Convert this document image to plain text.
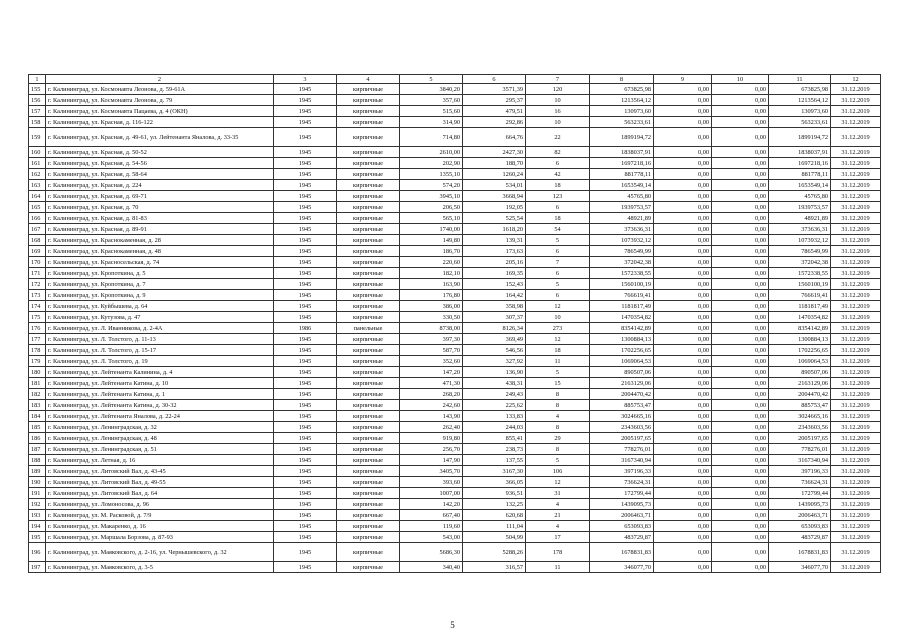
1	2	3	4	5	6	7	8	9	10	11	12
155	г. Калининград, ул. Космонавта Леонова, д. 59-61А	1945	кирпичные	3840,20	3571,39	120	673825,98	0,00	0,00	673825,98	31.12.2019
156	г. Калининград, ул. Космонавта Леонова, д. 79	1945	кирпичные	357,60	295,37	10	1213564,12	0,00	0,00	1213564,12	31.12.2019
157	г. Калининград, ул. Космонавта Пацаева, д. 4 (ОКН)	1945	кирпичные	515,60	479,51	16	130973,60	0,00	0,00	130973,60	31.12.2019
158	г. Калининград, ул. Красная, д. 116-122	1945	кирпичные	314,90	292,86	10	563233,61	0,00	0,00	563233,61	31.12.2019
159	г. Калининград, ул. Красная, д. 49-61, ул. Лейтенанта Яналова, д. 33-35	1945	кирпичные	714,80	664,76	22	1899194,72	0,00	0,00	1899194,72	31.12.2019
160	г. Калининград, ул. Красная, д. 50-52	1945	кирпичные	2610,00	2427,30	82	1838037,91	0,00	0,00	1838037,91	31.12.2019
161	г. Калининград, ул. Красная, д. 54-56	1945	кирпичные	202,90	188,70	6	1697218,16	0,00	0,00	1697218,16	31.12.2019
162	г. Калининград, ул. Красная, д. 58-64	1945	кирпичные	1355,10	1260,24	42	881778,11	0,00	0,00	881778,11	31.12.2019
163	г. Калининград, ул. Красная, д. 224	1945	кирпичные	574,20	534,01	18	1653549,14	0,00	0,00	1653549,14	31.12.2019
164	г. Калининград, ул. Красная, д. 69-71	1945	кирпичные	3945,10	3668,94	123	45765,80	0,00	0,00	45765,80	31.12.2019
165	г. Калининград, ул. Красная, д. 70	1945	кирпичные	206,50	192,05	6	1939753,57	0,00	0,00	1939753,57	31.12.2019
166	г. Калининград, ул. Красная, д. 81-83	1945	кирпичные	565,10	525,54	18	48921,89	0,00	0,00	48921,89	31.12.2019
167	г. Калининград, ул. Красная, д. 89-91	1945	кирпичные	1740,00	1618,20	54	373636,31	0,00	0,00	373636,31	31.12.2019
168	г. Калининград, ул. Краснокаменная, д. 28	1945	кирпичные	149,80	139,31	5	1073932,12	0,00	0,00	1073932,12	31.12.2019
169	г. Калининград, ул. Краснокаменная, д. 48	1945	кирпичные	186,70	173,63	6	786549,99	0,00	0,00	786549,99	31.12.2019
170	г. Калининград, ул. Красносельская, д. 74	1945	кирпичные	220,60	205,16	7	372042,38	0,00	0,00	372042,38	31.12.2019
171	г. Калининград, ул. Кропоткина, д. 5	1945	кирпичные	182,10	169,35	6	1572338,55	0,00	0,00	1572338,55	31.12.2019
172	г. Калининград, ул. Кропоткина, д. 7	1945	кирпичные	163,90	152,43	5	1560100,19	0,00	0,00	1560100,19	31.12.2019
173	г. Калининград, ул. Кропоткина, д. 9	1945	кирпичные	176,80	164,42	6	766619,41	0,00	0,00	766619,41	31.12.2019
174	г. Калининград, ул. Куйбышева, д. 64	1945	кирпичные	386,00	358,98	12	1181817,49	0,00	0,00	1181817,49	31.12.2019
175	г. Калининград, ул. Кутузова, д. 47	1945	кирпичные	330,50	307,37	10	1470354,82	0,00	0,00	1470354,82	31.12.2019
176	г. Калининград, ул. Л. Иванникова, д. 2-4А	1986	панельные	8738,00	8126,34	273	8354142,89	0,00	0,00	8354142,89	31.12.2019
177	г. Калининград, ул. Л. Толстого, д. 11-13	1945	кирпичные	397,30	369,49	12	1300884,13	0,00	0,00	1300884,13	31.12.2019
178	г. Калининград, ул. Л. Толстого, д. 15-17	1945	кирпичные	587,70	546,56	18	1702256,65	0,00	0,00	1702256,65	31.12.2019
179	г. Калининград, ул. Л. Толстого, д. 19	1945	кирпичные	352,60	327,92	11	1069064,53	0,00	0,00	1069064,53	31.12.2019
180	г. Калининград, ул. Лейтенанта Калинина, д. 4	1945	кирпичные	147,20	136,90	5	890507,06	0,00	0,00	890507,06	31.12.2019
181	г. Калининград, ул. Лейтенанта Катина, д. 10	1945	кирпичные	471,30	438,31	15	2163129,06	0,00	0,00	2163129,06	31.12.2019
182	г. Калининград, ул. Лейтенанта Катина, д. 1	1945	кирпичные	268,20	249,43	8	2004470,42	0,00	0,00	2004470,42	31.12.2019
183	г. Калининград, ул. Лейтенанта Катина, д. 30-32	1945	кирпичные	242,60	225,62	8	885753,47	0,00	0,00	885753,47	31.12.2019
184	г. Калининград, ул. Лейтенанта Яналова, д. 22-24	1945	кирпичные	143,90	133,83	4	3024665,16	0,00	0,00	3024665,16	31.12.2019
185	г. Калининград, ул. Ленинградская, д. 32	1945	кирпичные	262,40	244,03	8	2343603,56	0,00	0,00	2343603,56	31.12.2019
186	г. Калининград, ул. Ленинградская, д. 48	1945	кирпичные	919,80	855,41	29	2005197,65	0,00	0,00	2005197,65	31.12.2019
187	г. Калининград, ул. Ленинградская, д. 51	1945	кирпичные	256,70	238,73	8	778276,01	0,00	0,00	778276,01	31.12.2019
188	г. Калининград, ул. Летная, д. 16	1945	кирпичные	147,90	137,55	5	3167340,94	0,00	0,00	3167340,94	31.12.2019
189	г. Калининград, ул. Литовский Вал, д. 43-45	1945	кирпичные	3405,70	3167,30	106	397196,33	0,00	0,00	397196,33	31.12.2019
190	г. Калининград, ул. Литовский Вал, д. 49-55	1945	кирпичные	393,60	366,05	12	736624,31	0,00	0,00	736624,31	31.12.2019
191	г. Калининград, ул. Литовский Вал, д. 64	1945	кирпичные	1007,00	936,51	31	172799,44	0,00	0,00	172799,44	31.12.2019
192	г. Калининград, ул. Ломоносова, д. 96	1945	кирпичные	142,20	132,25	4	1439095,73	0,00	0,00	1439095,73	31.12.2019
193	г. Калининград, ул. М. Расковой, д. 7/9	1945	кирпичные	667,40	620,68	21	2006463,71	0,00	0,00	2006463,71	31.12.2019
194	г. Калининград, ул. Макаренко, д. 16	1945	кирпичные	119,60	111,04	4	653093,83	0,00	0,00	653093,83	31.12.2019
195	г. Калининград, ул. Маршала Борзова, д. 87-93	1945	кирпичные	543,00	504,99	17	483729,87	0,00	0,00	483729,87	31.12.2019
196	г. Калининград, ул. Маяковского, д. 2-16, ул. Чернышевского, д. 32	1945	кирпичные	5686,30	5288,26	178	1678831,83	0,00	0,00	1678831,83	31.12.2019
197	г. Калининград, ул. Маяковского, д. 3-5	1945	кирпичные	340,40	316,57	11	346077,70	0,00	0,00	346077,70	31.12.2019
5
